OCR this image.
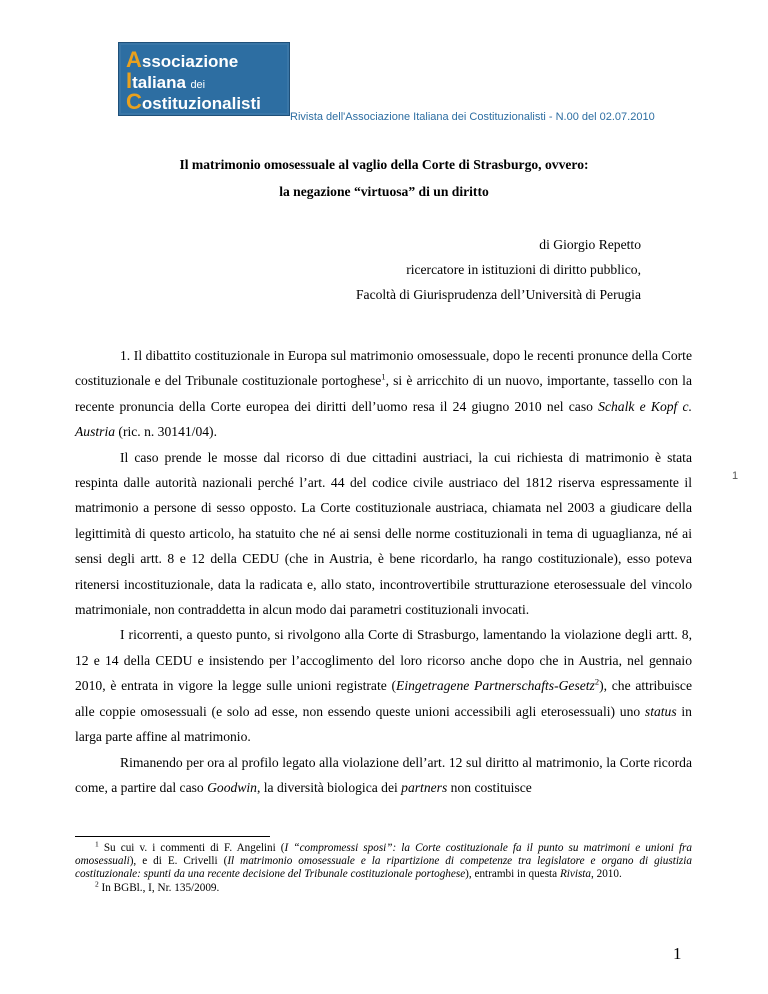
Associazione
Italiana dei
Costituzionalisti
Rivista dell'Associazione Italiana dei Costituzionalisti - N.00 del 02.07.2010
Il matrimonio omosessuale al vaglio della Corte di Strasburgo, ovvero:
la negazione “virtuosa” di un diritto
di Giorgio Repetto
ricercatore in istituzioni di diritto pubblico,
Facoltà di Giurisprudenza dell’Università di Perugia

1. Il dibattito costituzionale in Europa sul matrimonio omosessuale, dopo le recenti pronunce della Corte costituzionale e del Tribunale costituzionale portoghese$^1$, si è arricchito di un nuovo, importante, tassello con la recente pronuncia della Corte europea dei diritti dell’uomo resa il 24 giugno 2010 nel caso Schalk e Kopf c. Austria (ric. n. 30141/04).

Il caso prende le mosse dal ricorso di due cittadini austriaci, la cui richiesta di matrimonio è stata respinta dalle autorità nazionali perché l’art. 44 del codice civile austriaco del 1812 riserva espressamente il matrimonio a persone di sesso opposto. La Corte costituzionale austriaca, chiamata nel 2003 a giudicare della legittimità di questo articolo, ha statuito che né ai sensi delle norme costituzionali in tema di uguaglianza, né ai sensi degli artt. 8 e 12 della CEDU (che in Austria, è bene ricordarlo, ha rango costituzionale), esso poteva ritenersi incostituzionale, data la radicata e, allo stato, incontrovertibile strutturazione eterosessuale del vincolo matrimoniale, non contraddetta in alcun modo dai parametri costituzionali invocati.

I ricorrenti, a questo punto, si rivolgono alla Corte di Strasburgo, lamentando la violazione degli artt. 8, 12 e 14 della CEDU e insistendo per l’accoglimento del loro ricorso anche dopo che in Austria, nel gennaio 2010, è entrata in vigore la legge sulle unioni registrate (Eingetragene Partnerschafts-Gesetz$^2$), che attribuisce alle coppie omosessuali (e solo ad esse, non essendo queste unioni accessibili agli eterosessuali) uno status in larga parte affine al matrimonio.

Rimanendo per ora al profilo legato alla violazione dell’art. 12 sul diritto al matrimonio, la Corte ricorda come, a partire dal caso Goodwin, la diversità biologica dei partners non costituisce

1

$^1$ Su cui v. i commenti di F. Angelini (I “compromessi sposi”: la Corte costituzionale fa il punto su matrimoni e unioni fra omosessuali), e di E. Crivelli (Il matrimonio omosessuale e la ripartizione di competenze tra legislatore e organo di giustizia costituzionale: spunti da una recente decisione del Tribunale costituzionale portoghese), entrambi in questa Rivista, 2010.

$^2$ In BGBl., I, Nr. 135/2009.

1
